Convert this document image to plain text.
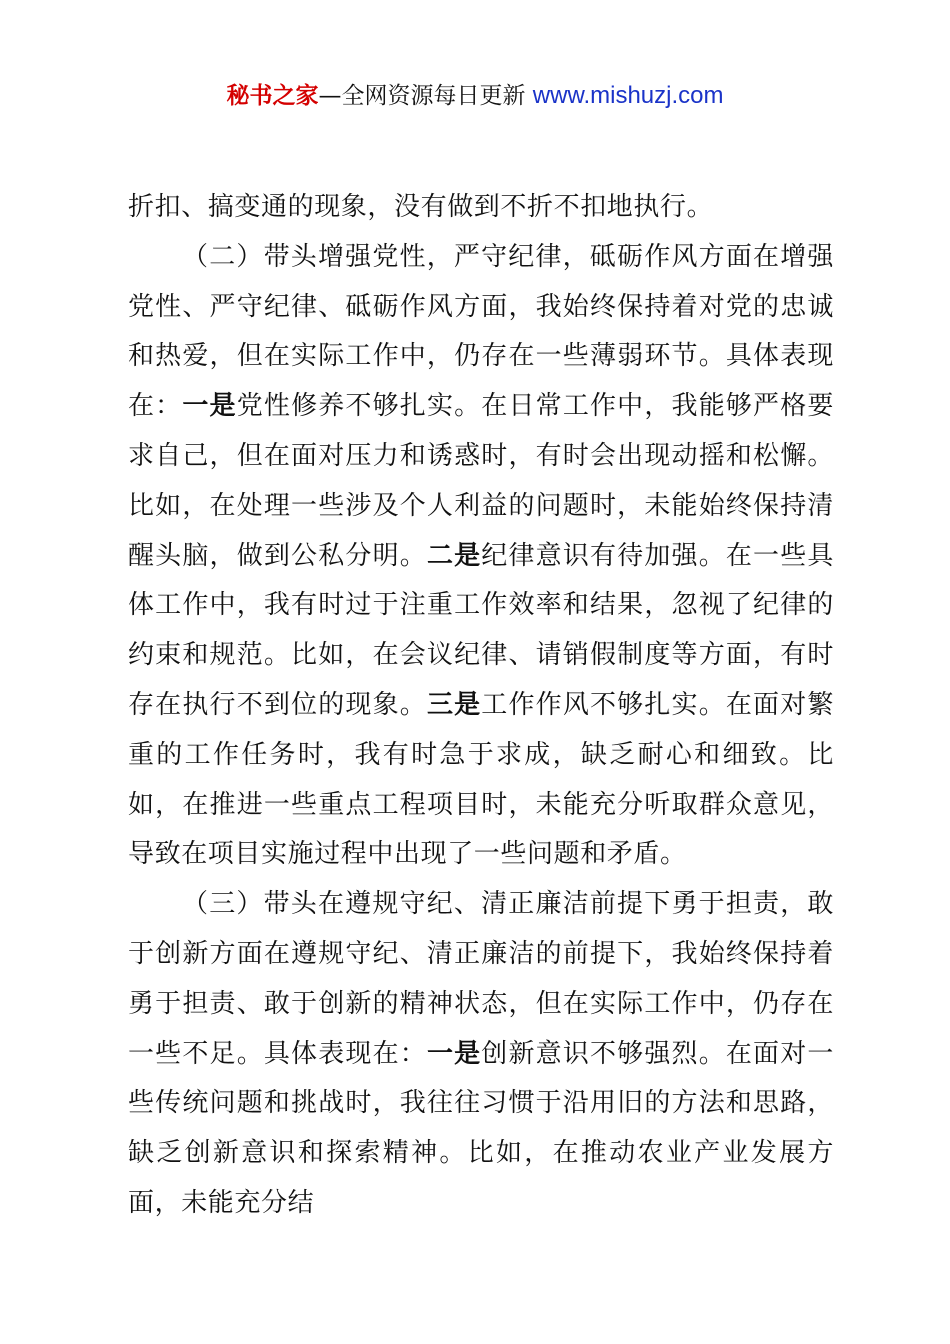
秘书之家—全网资源每日更新 www.mishuzj.com

折扣、搞变通的现象，没有做到不折不扣地执行。

（二）带头增强党性，严守纪律，砥砺作风方面在增强党性、严守纪律、砥砺作风方面，我始终保持着对党的忠诚和热爱，但在实际工作中，仍存在一些薄弱环节。具体表现在：一是党性修养不够扎实。在日常工作中，我能够严格要求自己，但在面对压力和诱惑时，有时会出现动摇和松懈。比如，在处理一些涉及个人利益的问题时，未能始终保持清醒头脑，做到公私分明。二是纪律意识有待加强。在一些具体工作中，我有时过于注重工作效率和结果，忽视了纪律的约束和规范。比如，在会议纪律、请销假制度等方面，有时存在执行不到位的现象。三是工作作风不够扎实。在面对繁重的工作任务时，我有时急于求成，缺乏耐心和细致。比如，在推进一些重点工程项目时，未能充分听取群众意见，导致在项目实施过程中出现了一些问题和矛盾。

（三）带头在遵规守纪、清正廉洁前提下勇于担责，敢于创新方面在遵规守纪、清正廉洁的前提下，我始终保持着勇于担责、敢于创新的精神状态，但在实际工作中，仍存在一些不足。具体表现在：一是创新意识不够强烈。在面对一些传统问题和挑战时，我往往习惯于沿用旧的方法和思路，缺乏创新意识和探索精神。比如，在推动农业产业发展方面，未能充分结
